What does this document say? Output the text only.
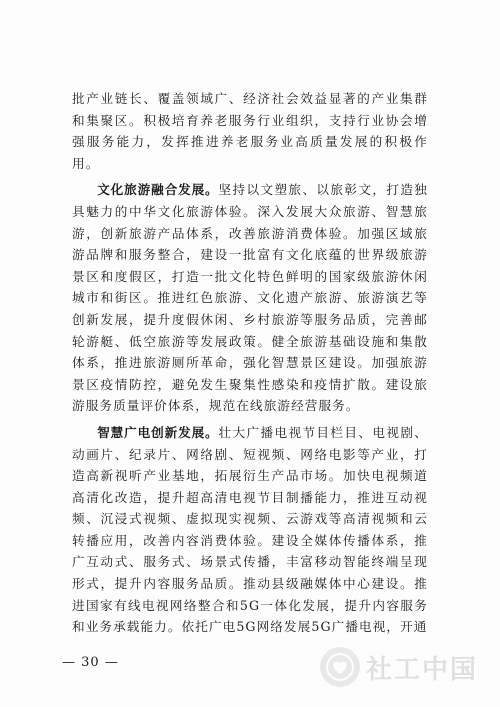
批产业链长、覆盖领域广、经济社会效益显著的产业集群和集聚区。积极培育养老服务行业组织，支持行业协会增强服务能力，发挥推进养老服务业高质量发展的积极作用。

文化旅游融合发展。坚持以文塑旅、以旅彰文，打造独具魅力的中华文化旅游体验。深入发展大众旅游、智慧旅游，创新旅游产品体系，改善旅游消费体验。加强区域旅游品牌和服务整合，建设一批富有文化底蕴的世界级旅游景区和度假区，打造一批文化特色鲜明的国家级旅游休闲城市和街区。推进红色旅游、文化遗产旅游、旅游演艺等创新发展，提升度假休闲、乡村旅游等服务品质，完善邮轮游艇、低空旅游等发展政策。健全旅游基础设施和集散体系，推进旅游厕所革命，强化智慧景区建设。加强旅游景区疫情防控，避免发生聚集性感染和疫情扩散。建设旅游服务质量评价体系，规范在线旅游经营服务。

智慧广电创新发展。壮大广播电视节目栏目、电视剧、动画片、纪录片、网络剧、短视频、网络电影等产业，打造高新视听产业基地，拓展衍生产品市场。加快电视频道高清化改造，提升超高清电视节目制播能力，推进互动视频、沉浸式视频、虚拟现实视频、云游戏等高清视频和云转播应用，改善内容消费体验。建设全媒体传播体系，推广互动式、服务式、场景式传播，丰富移动智能终端呈现形式，提升内容服务品质。推动县级融媒体中心建设。推进国家有线电视网络整合和5G一体化发展，提升内容服务和业务承载能力。依托广电5G网络发展5G广播电视，开通

— 30 —	社工中国
